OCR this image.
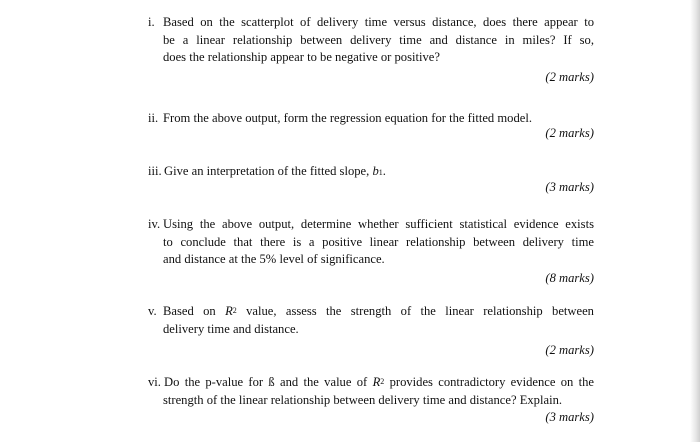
i. Based on the scatterplot of delivery time versus distance, does there appear to
be a linear relationship between delivery time and distance in miles? If so,
does the relationship appear to be negative or positive?
(2 marks)
ii. From the above output, form the regression equation for the fitted model.
(2 marks)
iii. Give an interpretation of the fitted slope, $b_1$.
(3 marks)
iv. Using the above output, determine whether sufficient statistical evidence exists
to conclude that there is a positive linear relationship between delivery time
and distance at the 5% level of significance.
(8 marks)
v. Based on $R^2$ value, assess the strength of the linear relationship between
delivery time and distance.
(2 marks)
vi. Do the p-value for ß and the value of $R^2$ provides contradictory evidence on the
strength of the linear relationship between delivery time and distance? Explain.
(3 marks)
